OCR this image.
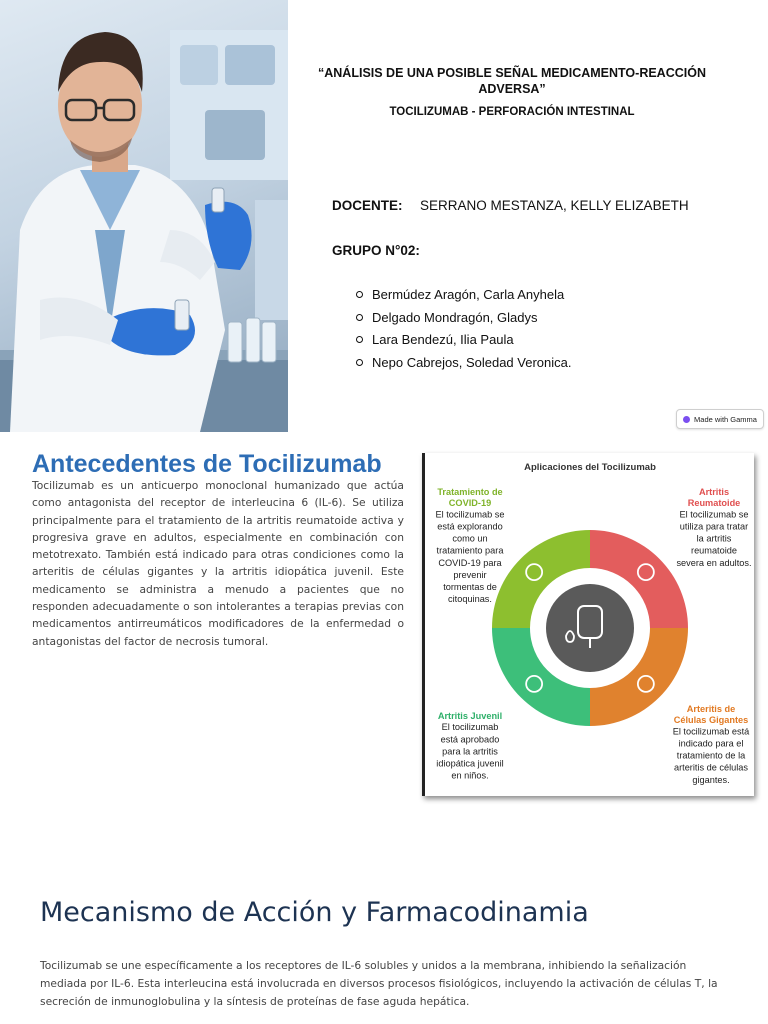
“ANÁLISIS DE UNA POSIBLE SEÑAL MEDICAMENTO-REACCIÓN ADVERSA”
TOCILIZUMAB - PERFORACIÓN INTESTINAL
DOCENTE: SERRANO MESTANZA, KELLY ELIZABETH
GRUPO N°02:
Bermúdez Aragón, Carla Anyhela
Delgado Mondragón, Gladys
Lara Bendezú, Ilia Paula
Nepo Cabrejos, Soledad Veronica.
Made with Gamma
Antecedentes de Tocilizumab
Tocilizumab es un anticuerpo monoclonal humanizado que actúa como antagonista del receptor de interleucina 6 (IL-6). Se utiliza principalmente para el tratamiento de la artritis reumatoide activa y progresiva grave en adultos, especialmente en combinación con metotrexato. También está indicado para otras condiciones como la arteritis de células gigantes y la artritis idiopática juvenil. Este medicamento se administra a menudo a pacientes que no responden adecuadamente o son intolerantes a terapias previas con medicamentos antirreumáticos modificadores de la enfermedad o antagonistas del factor de necrosis tumoral.
Aplicaciones del Tocilizumab
Tratamiento de
COVID-19
El tocilizumab se
está explorando
como un
tratamiento para
COVID-19 para
prevenir
tormentas de
citoquinas.
Artritis
Reumatoide
El tocilizumab se
utiliza para tratar
la artritis
reumatoide
severa en adultos.
Arteritis de
Células Gigantes
El tocilizumab está
indicado para el
tratamiento de la
arteritis de células
gigantes.
Artritis Juvenil
El tocilizumab
está aprobado
para la artritis
idiopática juvenil
en niños.
Mecanismo de Acción y Farmacodinamia
Tocilizumab se une específicamente a los receptores de IL-6 solubles y unidos a la membrana, inhibiendo la señalización mediada por IL-6. Esta interleucina está involucrada en diversos procesos fisiológicos, incluyendo la activación de células T, la secreción de inmunoglobulina y la síntesis de proteínas de fase aguda hepática.
